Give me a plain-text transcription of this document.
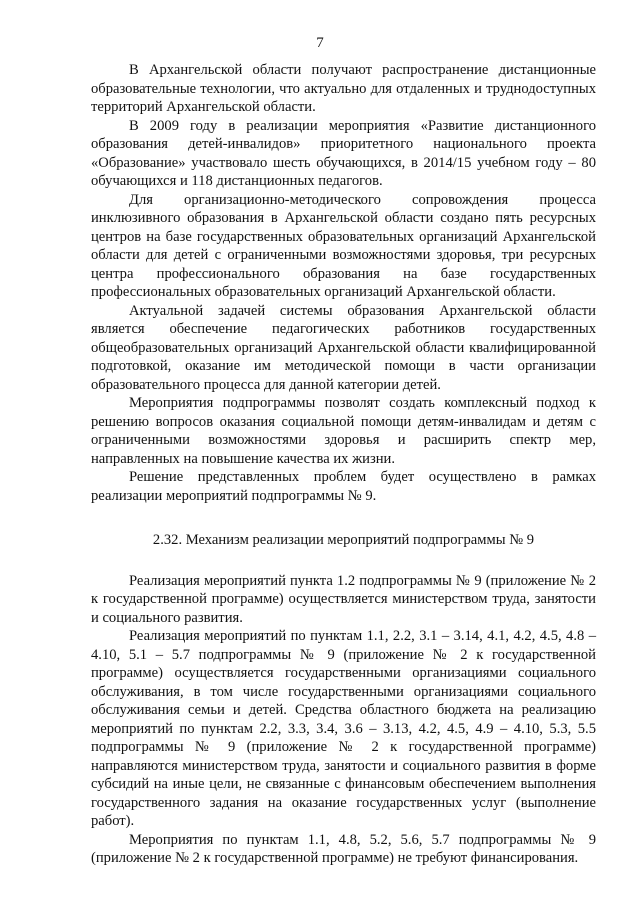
7

В Архангельской области получают распространение дистанционные образовательные технологии, что актуально для отдаленных и труднодоступных территорий Архангельской области.

В 2009 году в реализации мероприятия «Развитие дистанционного образования детей-инвалидов» приоритетного национального проекта «Образование» участвовало шесть обучающихся, в 2014/15 учебном году – 80 обучающихся и 118 дистанционных педагогов.

Для организационно-методического сопровождения процесса инклюзивного образования в Архангельской области создано пять ресурсных центров на базе государственных образовательных организаций Архангельской области для детей с ограниченными возможностями здоровья, три ресурсных центра профессионального образования на базе государственных профессиональных образовательных организаций Архангельской области.

Актуальной задачей системы образования Архангельской области является обеспечение педагогических работников государственных общеобразовательных организаций Архангельской области квалифицированной подготовкой, оказание им методической помощи в части организации образовательного процесса для данной категории детей.

Мероприятия подпрограммы позволят создать комплексный подход к решению вопросов оказания социальной помощи детям-инвалидам и детям с ограниченными возможностями здоровья и расширить спектр мер, направленных на повышение качества их жизни.

Решение представленных проблем будет осуществлено в рамках реализации мероприятий подпрограммы № 9.

2.32. Механизм реализации мероприятий подпрограммы № 9

Реализация мероприятий пункта 1.2 подпрограммы № 9 (приложение № 2 к государственной программе) осуществляется министерством труда, занятости и социального развития.

Реализация мероприятий по пунктам 1.1, 2.2, 3.1 – 3.14, 4.1, 4.2, 4.5, 4.8 – 4.10, 5.1 – 5.7 подпрограммы № 9 (приложение № 2 к государственной программе) осуществляется государственными организациями социального обслуживания, в том числе государственными организациями социального обслуживания семьи и детей. Средства областного бюджета на реализацию мероприятий по пунктам 2.2, 3.3, 3.4, 3.6 – 3.13, 4.2, 4.5, 4.9 – 4.10, 5.3, 5.5 подпрограммы № 9 (приложение № 2 к государственной программе) направляются министерством труда, занятости и социального развития в форме субсидий на иные цели, не связанные с финансовым обеспечением выполнения государственного задания на оказание государственных услуг (выполнение работ).

Мероприятия по пунктам 1.1, 4.8, 5.2, 5.6, 5.7 подпрограммы № 9 (приложение № 2 к государственной программе) не требуют финансирования.
